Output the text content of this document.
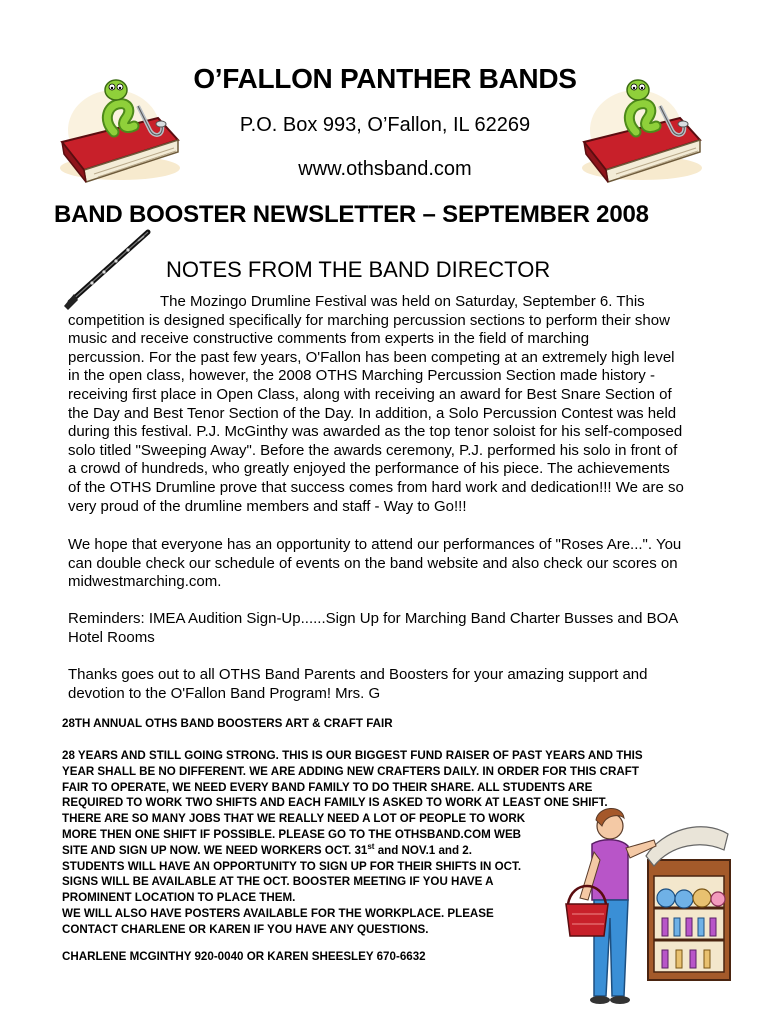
O’FALLON PANTHER BANDS
P.O. Box 993, O’Fallon, IL 62269
www.othsband.com
BAND BOOSTER NEWSLETTER – SEPTEMBER 2008
NOTES FROM THE BAND DIRECTOR
The Mozingo Drumline Festival was held on Saturday, September 6. This
competition is designed specifically for marching percussion sections to perform their show
music and receive constructive comments from experts in the field of marching
percussion. For the past few years, O'Fallon has been competing at an extremely high level
in the open class, however, the 2008 OTHS Marching Percussion Section made history -
receiving first place in Open Class, along with receiving an award for Best Snare Section of
the Day and Best Tenor Section of the Day. In addition, a Solo Percussion Contest was held
during this festival. P.J. McGinthy was awarded as the top tenor soloist for his self-composed
solo titled "Sweeping Away". Before the awards ceremony, P.J. performed his solo in front of
a crowd of hundreds, who greatly enjoyed the performance of his piece. The achievements
of the OTHS Drumline prove that success comes from hard work and dedication!!! We are so
very proud of the drumline members and staff - Way to Go!!!
We hope that everyone has an opportunity to attend our performances of "Roses Are...". You
can double check our schedule of events on the band website and also check our scores on
midwestmarching.com.
Reminders: IMEA Audition Sign-Up......Sign Up for Marching Band Charter Busses and BOA
Hotel Rooms
Thanks goes out to all OTHS Band Parents and Boosters for your amazing support and
devotion to the O'Fallon Band Program! Mrs. G
28TH ANNUAL OTHS BAND BOOSTERS ART & CRAFT FAIR
28 YEARS AND STILL GOING STRONG. THIS IS OUR BIGGEST FUND RAISER OF PAST YEARS AND THIS
YEAR SHALL BE NO DIFFERENT. WE ARE ADDING NEW CRAFTERS DAILY. IN ORDER FOR THIS CRAFT
FAIR TO OPERATE, WE NEED EVERY BAND FAMILY TO DO THEIR SHARE. ALL STUDENTS ARE
REQUIRED TO WORK TWO SHIFTS AND EACH FAMILY IS ASKED TO WORK AT LEAST ONE SHIFT.
THERE ARE SO MANY JOBS THAT WE REALLY NEED A LOT OF PEOPLE TO WORK
MORE THEN ONE SHIFT IF POSSIBLE. PLEASE GO TO THE OTHSBAND.COM WEB
SITE AND SIGN UP NOW. WE NEED WORKERS OCT. 31st and NOV.1 and 2.
STUDENTS WILL HAVE AN OPPORTUNITY TO SIGN UP FOR THEIR SHIFTS IN OCT.
SIGNS WILL BE AVAILABLE AT THE OCT. BOOSTER MEETING IF YOU HAVE A
PROMINENT LOCATION TO PLACE THEM.
WE WILL ALSO HAVE POSTERS AVAILABLE FOR THE WORKPLACE. PLEASE
CONTACT CHARLENE OR KAREN IF YOU HAVE ANY QUESTIONS.
CHARLENE MCGINTHY 920-0040 OR KAREN SHEESLEY 670-6632
